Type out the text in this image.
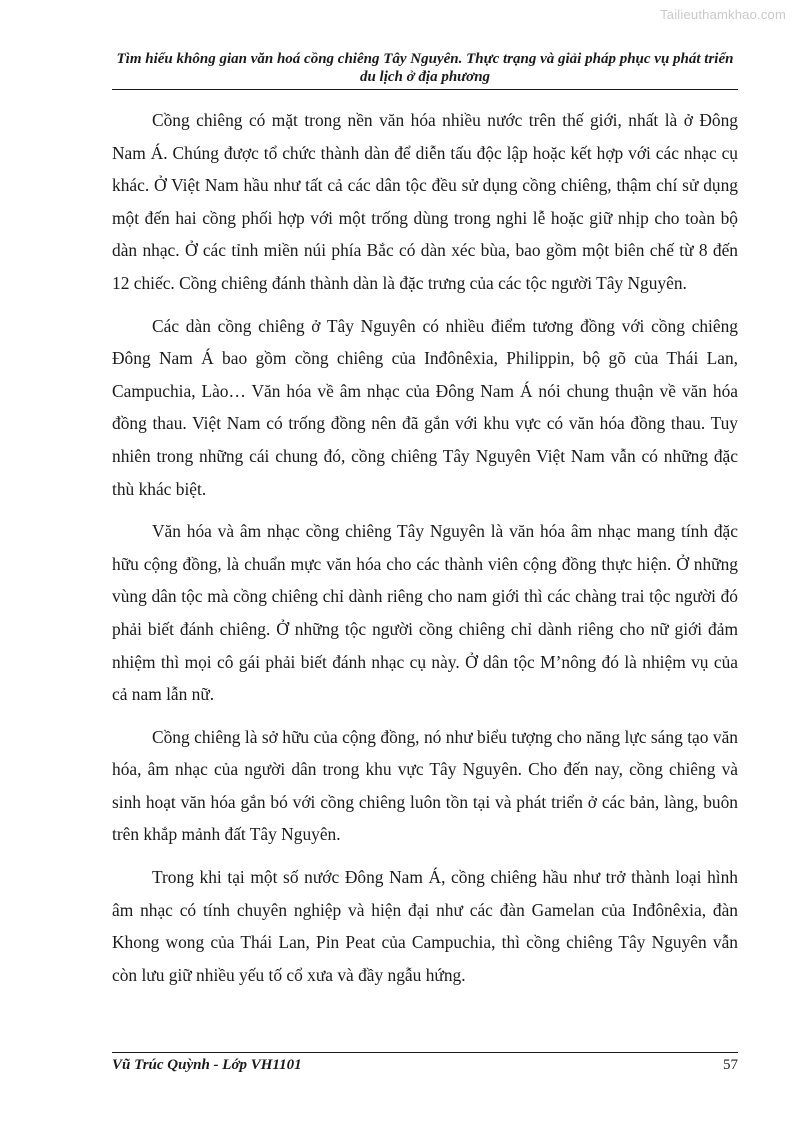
Tailieuthamkhao.com
Tìm hiểu không gian văn hoá cồng chiêng Tây Nguyên. Thực trạng và giải pháp phục vụ phát triển du lịch ở địa phương

Cồng chiêng có mặt trong nền văn hóa nhiều nước trên thế giới, nhất là ở Đông Nam Á. Chúng được tổ chức thành dàn để diễn tấu độc lập hoặc kết hợp với các nhạc cụ khác. Ở Việt Nam hầu như tất cả các dân tộc đều sử dụng cồng chiêng, thậm chí sử dụng một đến hai cồng phối hợp với một trống dùng trong nghi lễ hoặc giữ nhịp cho toàn bộ dàn nhạc. Ở các tỉnh miền núi phía Bắc có dàn xéc bùa, bao gồm một biên chế từ 8 đến 12 chiếc. Cồng chiêng đánh thành dàn là đặc trưng của các tộc người Tây Nguyên.

Các dàn cồng chiêng ở Tây Nguyên có nhiều điểm tương đồng với cồng chiêng Đông Nam Á bao gồm cồng chiêng của Inđônêxia, Philippin, bộ gõ của Thái Lan, Campuchia, Lào… Văn hóa về âm nhạc của Đông Nam Á nói chung thuận về văn hóa đồng thau. Việt Nam có trống đồng nên đã gắn với khu vực có văn hóa đồng thau. Tuy nhiên trong những cái chung đó, cồng chiêng Tây Nguyên Việt Nam vẫn có những đặc thù khác biệt.

Văn hóa và âm nhạc cồng chiêng Tây Nguyên là văn hóa âm nhạc mang tính đặc hữu cộng đồng, là chuẩn mực văn hóa cho các thành viên cộng đồng thực hiện. Ở những vùng dân tộc mà cồng chiêng chỉ dành riêng cho nam giới thì các chàng trai tộc người đó phải biết đánh chiêng. Ở những tộc người cồng chiêng chỉ dành riêng cho nữ giới đảm nhiệm thì mọi cô gái phải biết đánh nhạc cụ này. Ở dân tộc M’nông đó là nhiệm vụ của cả nam lẫn nữ.

Cồng chiêng là sở hữu của cộng đồng, nó như biểu tượng cho năng lực sáng tạo văn hóa, âm nhạc của người dân trong khu vực Tây Nguyên. Cho đến nay, cồng chiêng và sinh hoạt văn hóa gắn bó với cồng chiêng luôn tồn tại và phát triển ở các bản, làng, buôn trên khắp mảnh đất Tây Nguyên.

Trong khi tại một số nước Đông Nam Á, cồng chiêng hầu như trở thành loại hình âm nhạc có tính chuyên nghiệp và hiện đại như các đàn Gamelan của Inđônêxia, đàn Khong wong của Thái Lan, Pin Peat của Campuchia, thì cồng chiêng Tây Nguyên vẫn còn lưu giữ nhiều yếu tố cổ xưa và đầy ngẫu hứng.

Vũ Trúc Quỳnh - Lớp VH1101	57
